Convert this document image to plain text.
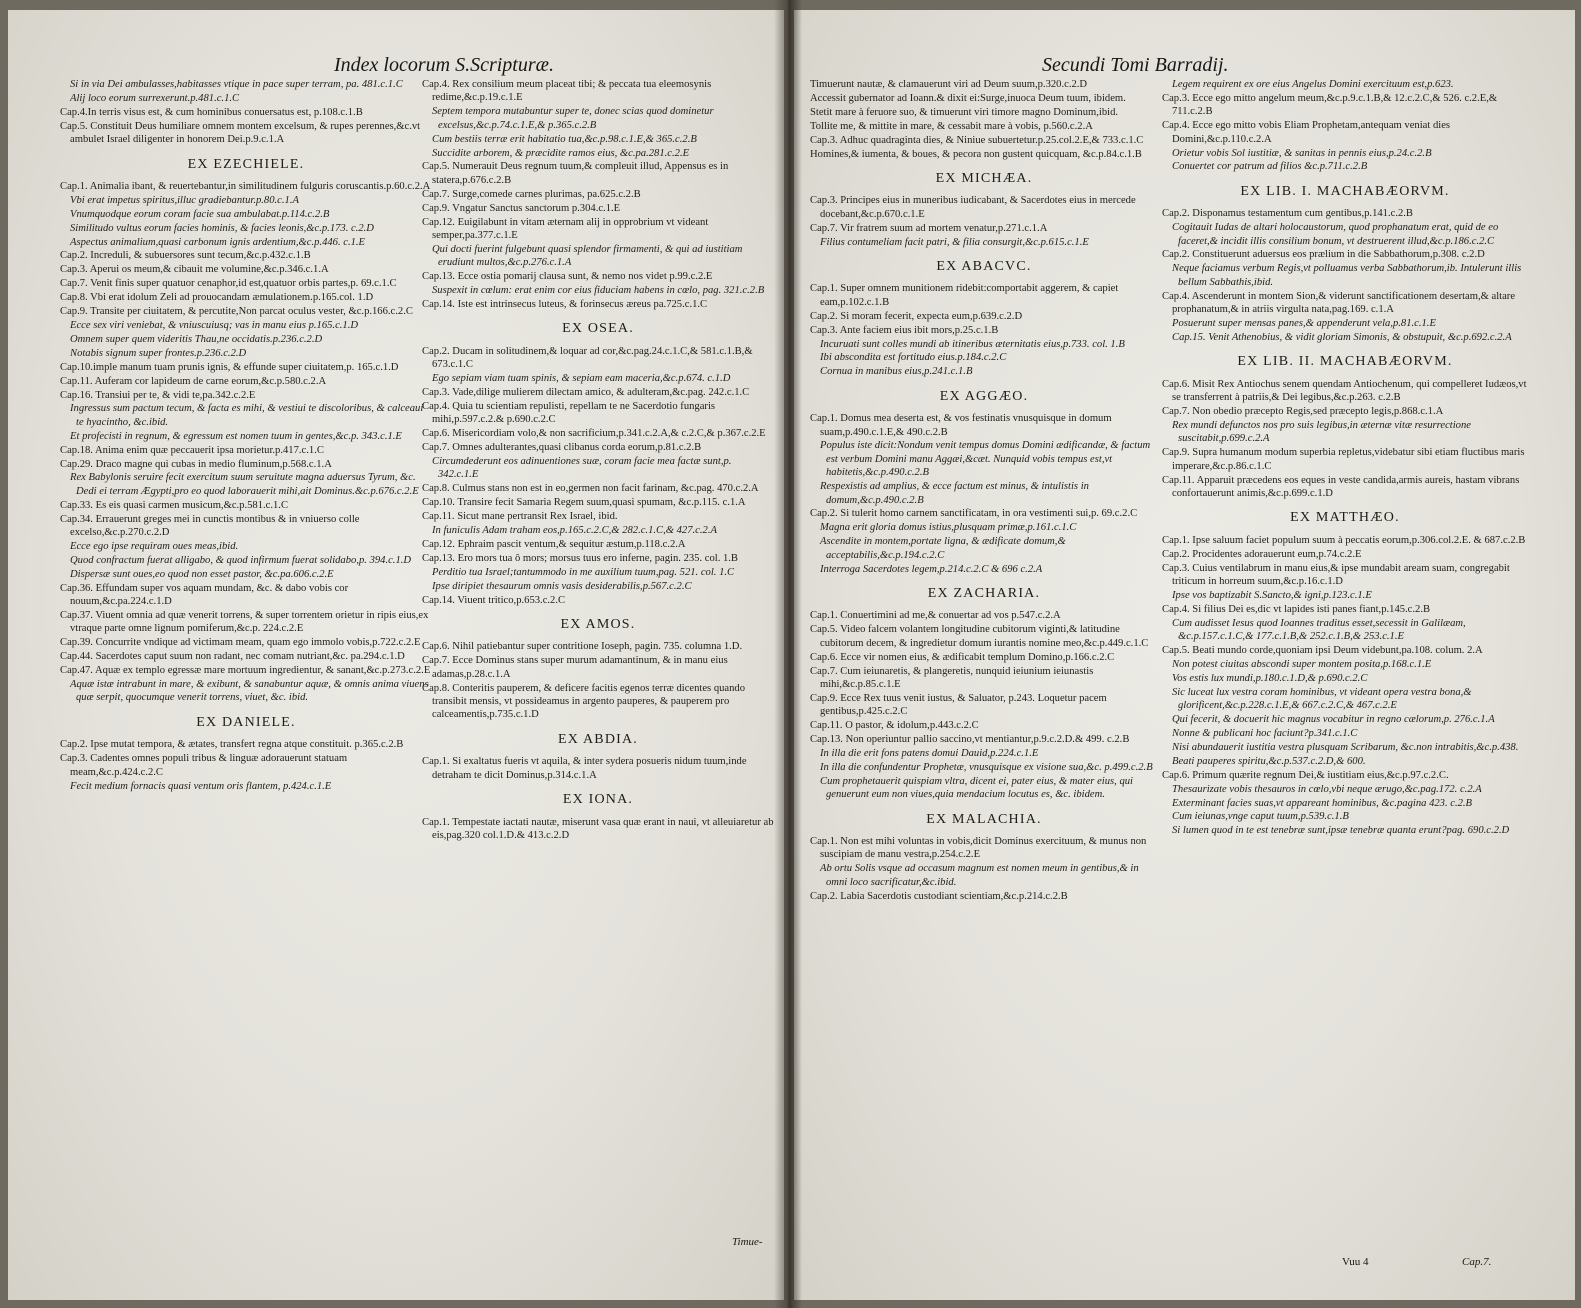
Index locorum S.Scripturæ.

Si in via Dei ambulasses,habitasses vtique in pace super terram, pa. 481.c.1.C

Alij loco eorum surrexerunt.p.481.c.1.C

Cap.4.In terris visus est, & cum hominibus conuersatus est, p.108.c.1.B

Cap.5. Constituit Deus humiliare omnem montem excelsum, & rupes perennes,&c.vt ambulet Israel diligenter in honorem Dei.p.9.c.1.A

EX EZECHIELE.

Cap.1. Animalia ibant, & reuertebantur,in similitudinem fulguris coruscantis.p.60.c.2.A

Vbi erat impetus spiritus,illuc gradiebantur.p.80.c.1.A

Vnumquodque eorum coram facie sua ambulabat.p.114.c.2.B

Similitudo vultus eorum facies hominis, & facies leonis,&c.p.173. c.2.D

Aspectus animalium,quasi carbonum ignis ardentium,&c.p.446. c.1.E

Cap.2. Increduli, & subuersores sunt tecum,&c.p.432.c.1.B

Cap.3. Aperui os meum,& cibauit me volumine,&c.p.346.c.1.A

Cap.7. Venit finis super quatuor cenaphor,id est,quatuor orbis partes,p. 69.c.1.C

Cap.8. Vbi erat idolum Zeli ad prouocandam æmulationem.p.165.col. 1.D

Cap.9. Transite per ciuitatem, & percutite,Non parcat oculus vester, &c.p.166.c.2.C

Ecce sex viri veniebat, & vniuscuiusq; vas in manu eius p.165.c.1.D

Omnem super quem videritis Thau,ne occidatis.p.236.c.2.D

Notabis signum super frontes.p.236.c.2.D

Cap.10.imple manum tuam prunis ignis, & effunde super ciuitatem,p. 165.c.1.D

Cap.11. Auferam cor lapideum de carne eorum,&c.p.580.c.2.A

Cap.16. Transiui per te, & vidi te,pa.342.c.2.E

Ingressus sum pactum tecum, & facta es mihi, & vestiui te discoloribus, & calceaui te hyacintho, &c.ibid.

Et profecisti in regnum, & egressum est nomen tuum in gentes,&c.p. 343.c.1.E

Cap.18. Anima enim quæ peccauerit ipsa morietur.p.417.c.1.C

Cap.29. Draco magne qui cubas in medio fluminum,p.568.c.1.A

Rex Babylonis seruire fecit exercitum suum seruitute magna aduersus Tyrum, &c. Dedi ei terram Ægypti,pro eo quod laborauerit mihi,ait Dominus.&c.p.676.c.2.E

Cap.33. Es eis quasi carmen musicum,&c.p.581.c.1.C

Cap.34. Errauerunt greges mei in cunctis montibus & in vniuerso colle excelso,&c.p.270.c.2.D

Ecce ego ipse requiram oues meas,ibid.

Quod confractum fuerat alligabo, & quod infirmum fuerat solidabo,p. 394.c.1.D

Dispersæ sunt oues,eo quod non esset pastor, &c.pa.606.c.2.E

Cap.36. Effundam super vos aquam mundam, &c. & dabo vobis cor nouum,&c.pa.224.c.1.D

Cap.37. Viuent omnia ad quæ venerit torrens, & super torrentem orietur in ripis eius,ex vtraque parte omne lignum pomiferum,&c.p. 224.c.2.E

Cap.39. Concurrite vndique ad victimam meam, quam ego immolo vobis,p.722.c.2.E

Cap.44. Sacerdotes caput suum non radant, nec comam nutriant,&c. pa.294.c.1.D

Cap.47. Aquæ ex templo egressæ mare mortuum ingredientur, & sanant,&c.p.273.c.2.E

Aquæ istæ intrabunt in mare, & exibunt, & sanabuntur aquæ, & omnis anima viuens quæ serpit, quocumque venerit torrens, viuet, &c. ibid.

EX DANIELE.

Cap.2. Ipse mutat tempora, & ætates, transfert regna atque constituit. p.365.c.2.B

Cap.3. Cadentes omnes populi tribus & linguæ adorauerunt statuam meam,&c.p.424.c.2.C

Fecit medium fornacis quasi ventum oris flantem, p.424.c.1.E

Cap.4. Rex consilium meum placeat tibi; & peccata tua eleemosynis redime,&c.p.19.c.1.E

Septem tempora mutabuntur super te, donec scias quod dominetur excelsus,&c.p.74.c.1.E,& p.365.c.2.B

Cum bestiis terræ erit habitatio tua,&c.p.98.c.1.E,& 365.c.2.B

Succidite arborem, & præcidite ramos eius, &c.pa.281.c.2.E

Cap.5. Numerauit Deus regnum tuum,& compleuit illud, Appensus es in statera,p.676.c.2.B

Cap.7. Surge,comede carnes plurimas, pa.625.c.2.B

Cap.9. Vngatur Sanctus sanctorum p.304.c.1.E

Cap.12. Euigilabunt in vitam æternam alij in opprobrium vt videant semper,pa.377.c.1.E

Qui docti fuerint fulgebunt quasi splendor firmamenti, & qui ad iustitiam erudiunt multos,&c.p.276.c.1.A

Cap.13. Ecce ostia pomarij clausa sunt, & nemo nos videt p.99.c.2.E

Suspexit in cœlum: erat enim cor eius fiduciam habens in cœlo, pag. 321.c.2.B

Cap.14. Iste est intrinsecus luteus, & forinsecus æreus pa.725.c.1.C

EX OSEA.

Cap.2. Ducam in solitudinem,& loquar ad cor,&c.pag.24.c.1.C,& 581.c.1.B,& 673.c.1.C

Ego sepiam viam tuam spinis, & sepiam eam maceria,&c.p.674. c.1.D

Cap.3. Vade,dilige mulierem dilectam amico, & adulteram,&c.pag. 242.c.1.C

Cap.4. Quia tu scientiam repulisti, repellam te ne Sacerdotio fungaris mihi,p.597.c.2.& p.690.c.2.C

Cap.6. Misericordiam volo,& non sacrificium,p.341.c.2.A,& c.2.C,& p.367.c.2.E

Cap.7. Omnes adulterantes,quasi clibanus corda eorum,p.81.c.2.B

Circumdederunt eos adinuentiones suæ, coram facie mea factæ sunt,p. 342.c.1.E

Cap.8. Culmus stans non est in eo,germen non facit farinam, &c.pag. 470.c.2.A

Cap.10. Transire fecit Samaria Regem suum,quasi spumam, &c.p.115. c.1.A

Cap.11. Sicut mane pertransit Rex Israel, ibid.

In funiculis Adam traham eos,p.165.c.2.C,& 282.c.1.C,& 427.c.2.A

Cap.12. Ephraim pascit ventum,& sequitur æstum,p.118.c.2.A

Cap.13. Ero mors tua ô mors; morsus tuus ero inferne, pagin. 235. col. 1.B

Perditio tua Israel;tantummodo in me auxilium tuum,pag. 521. col. 1.C

Ipse diripiet thesaurum omnis vasis desiderabilis,p.567.c.2.C

Cap.14. Viuent tritico,p.653.c.2.C

EX AMOS.

Cap.6. Nihil patiebantur super contritione Ioseph, pagin. 735. columna 1.D.

Cap.7. Ecce Dominus stans super murum adamantinum, & in manu eius adamas,p.28.c.1.A

Cap.8. Conteritis pauperem, & deficere facitis egenos terræ dicentes quando transibit mensis, vt possideamus in argento pauperes, & pauperem pro calceamentis,p.735.c.1.D

EX ABDIA.

Cap.1. Si exaltatus fueris vt aquila, & inter sydera posueris nidum tuum,inde detraham te dicit Dominus,p.314.c.1.A

EX IONA.

Cap.1. Tempestate iactati nautæ, miserunt vasa quæ erant in naui, vt alleuiaretur ab eis,pag.320 col.1.D.& 413.c.2.D

Timue-
Secundi Tomi Barradij.

Timuerunt nautæ, & clamauerunt viri ad Deum suum,p.320.c.2.D

Accessit gubernator ad Ioann.& dixit ei:Surge,inuoca Deum tuum, ibidem.

Stetit mare à feruore suo, & timuerunt viri timore magno Dominum,ibid.

Tollite me, & mittite in mare, & cessabit mare à vobis, p.560.c.2.A

Cap.3. Adhuc quadraginta dies, & Niniue subuertetur.p.25.col.2.E,& 733.c.1.C

Homines,& iumenta, & boues, & pecora non gustent quicquam, &c.p.84.c.1.B

EX MICHÆA.

Cap.3. Principes eius in muneribus iudicabant, & Sacerdotes eius in mercede docebant,&c.p.670.c.1.E

Cap.7. Vir fratrem suum ad mortem venatur,p.271.c.1.A

Filius contumeliam facit patri, & filia consurgit,&c.p.615.c.1.E

EX ABACVC.

Cap.1. Super omnem munitionem ridebit:comportabit aggerem, & capiet eam,p.102.c.1.B

Cap.2. Si moram fecerit, expecta eum,p.639.c.2.D

Cap.3. Ante faciem eius ibit mors,p.25.c.1.B

Incuruati sunt colles mundi ab itineribus æternitatis eius,p.733. col. 1.B

Ibi abscondita est fortitudo eius.p.184.c.2.C

Cornua in manibus eius,p.241.c.1.B

EX AGGÆO.

Cap.1. Domus mea deserta est, & vos festinatis vnusquisque in domum suam,p.490.c.1.E,& 490.c.2.B

Populus iste dicit:Nondum venit tempus domus Domini ædificandæ, & factum est verbum Domini manu Aggæi,&cæt. Nunquid vobis tempus est,vt habitetis,&c.p.490.c.2.B

Respexistis ad amplius, & ecce factum est minus, & intulistis in domum,&c.p.490.c.2.B

Cap.2. Si tulerit homo carnem sanctificatam, in ora vestimenti sui,p. 69.c.2.C

Magna erit gloria domus istius,plusquam primæ,p.161.c.1.C

Ascendite in montem,portate ligna, & ædificate domum,& acceptabilis,&c.p.194.c.2.C

Interroga Sacerdotes legem,p.214.c.2.C & 696 c.2.A

EX ZACHARIA.

Cap.1. Conuertimini ad me,& conuertar ad vos p.547.c.2.A

Cap.5. Video falcem volantem longitudine cubitorum viginti,& latitudine cubitorum decem, & ingredietur domum iurantis nomine meo,&c.p.449.c.1.C

Cap.6. Ecce vir nomen eius, & ædificabit templum Domino,p.166.c.2.C

Cap.7. Cum ieiunaretis, & plangeretis, nunquid ieiunium ieiunastis mihi,&c.p.85.c.1.E

Cap.9. Ecce Rex tuus venit iustus, & Saluator, p.243. Loquetur pacem gentibus,p.425.c.2.C

Cap.11. O pastor, & idolum,p.443.c.2.C

Cap.13. Non operiuntur pallio saccino,vt mentiantur,p.9.c.2.D.& 499. c.2.B

In illa die erit fons patens domui Dauid,p.224.c.1.E

In illa die confundentur Prophetæ, vnusquisque ex visione sua,&c. p.499.c.2.B

Cum prophetauerit quispiam vltra, dicent ei, pater eius, & mater eius, qui genuerunt eum non viues,quia mendacium locutus es, &c. ibidem.

EX MALACHIA.

Cap.1. Non est mihi voluntas in vobis,dicit Dominus exercituum, & munus non suscipiam de manu vestra,p.254.c.2.E

Ab ortu Solis vsque ad occasum magnum est nomen meum in gentibus,& in omni loco sacrificatur,&c.ibid.

Cap.2. Labia Sacerdotis custodiant scientiam,&c.p.214.c.2.B

Legem requirent ex ore eius Angelus Domini exercituum est,p.623.

Cap.3. Ecce ego mitto angelum meum,&c.p.9.c.1.B,& 12.c.2.C,& 526. c.2.E,& 711.c.2.B

Cap.4. Ecce ego mitto vobis Eliam Prophetam,antequam veniat dies Domini,&c.p.110.c.2.A

Orietur vobis Sol iustitiæ, & sanitas in pennis eius,p.24.c.2.B

Conuertet cor patrum ad filios &c.p.711.c.2.B

EX LIB. I. MACHABÆORVM.

Cap.2. Disponamus testamentum cum gentibus,p.141.c.2.B

Cogitauit Iudas de altari holocaustorum, quod prophanatum erat, quid de eo faceret,& incidit illis consilium bonum, vt destruerent illud,&c.p.186.c.2.C

Cap.2. Constituerunt aduersus eos prælium in die Sabbathorum,p.308. c.2.D

Neque faciamus verbum Regis,vt polluamus verba Sabbathorum,ib. Intulerunt illis bellum Sabbathis,ibid.

Cap.4. Ascenderunt in montem Sion,& viderunt sanctificationem desertam,& altare prophanatum,& in atriis virgulta nata,pag.169. c.1.A

Posuerunt super mensas panes,& appenderunt vela,p.81.c.1.E

Cap.15. Venit Athenobius, & vidit gloriam Simonis, & obstupuit, &c.p.692.c.2.A

EX LIB. II. MACHABÆORVM.

Cap.6. Misit Rex Antiochus senem quendam Antiochenum, qui compelleret Iudæos,vt se transferrent à patriis,& Dei legibus,&c.p.263. c.2.B

Cap.7. Non obedio præcepto Regis,sed præcepto legis,p.868.c.1.A

Rex mundi defunctos nos pro suis legibus,in æternæ vitæ resurrectione suscitabit,p.699.c.2.A

Cap.9. Supra humanum modum superbia repletus,videbatur sibi etiam fluctibus maris imperare,&c.p.86.c.1.C

Cap.11. Apparuit præcedens eos eques in veste candida,armis aureis, hastam vibrans confortauerunt animis,&c.p.699.c.1.D

EX MATTHÆO.

Cap.1. Ipse saluum faciet populum suum à peccatis eorum,p.306.col.2.E. & 687.c.2.B

Cap.2. Procidentes adorauerunt eum,p.74.c.2.E

Cap.3. Cuius ventilabrum in manu eius,& ipse mundabit aream suam, congregabit triticum in horreum suum,&c.p.16.c.1.D

Ipse vos baptizabit S.Sancto,& igni,p.123.c.1.E

Cap.4. Si filius Dei es,dic vt lapides isti panes fiant,p.145.c.2.B

Cum audisset Iesus quod Ioannes traditus esset,secessit in Galilæam, &c.p.157.c.1.C,& 177.c.1.B,& 252.c.1.B,& 253.c.1.E

Cap.5. Beati mundo corde,quoniam ipsi Deum videbunt,pa.108. colum. 2.A

Non potest ciuitas abscondi super montem posita,p.168.c.1.E

Vos estis lux mundi,p.180.c.1.D,& p.690.c.2.C

Sic luceat lux vestra coram hominibus, vt videant opera vestra bona,& glorificent,&c.p.228.c.1.E,& 667.c.2.C,& 467.c.2.E

Qui fecerit, & docuerit hic magnus vocabitur in regno cælorum,p. 276.c.1.A

Nonne & publicani hoc faciunt?p.341.c.1.C

Nisi abundauerit iustitia vestra plusquam Scribarum, &c.non intrabitis,&c.p.438.

Beati pauperes spiritu,&c.p.537.c.2.D,& 600.

Cap.6. Primum quærite regnum Dei,& iustitiam eius,&c.p.97.c.2.C.

Thesaurizate vobis thesauros in cœlo,vbi neque ærugo,&c.pag.172. c.2.A

Exterminant facies suas,vt appareant hominibus, &c.pagina 423. c.2.B

Cum ieiunas,vnge caput tuum,p.539.c.1.B

Si lumen quod in te est tenebræ sunt,ipsæ tenebræ quanta erunt?pag. 690.c.2.D

Vuu 4	Cap.7.
